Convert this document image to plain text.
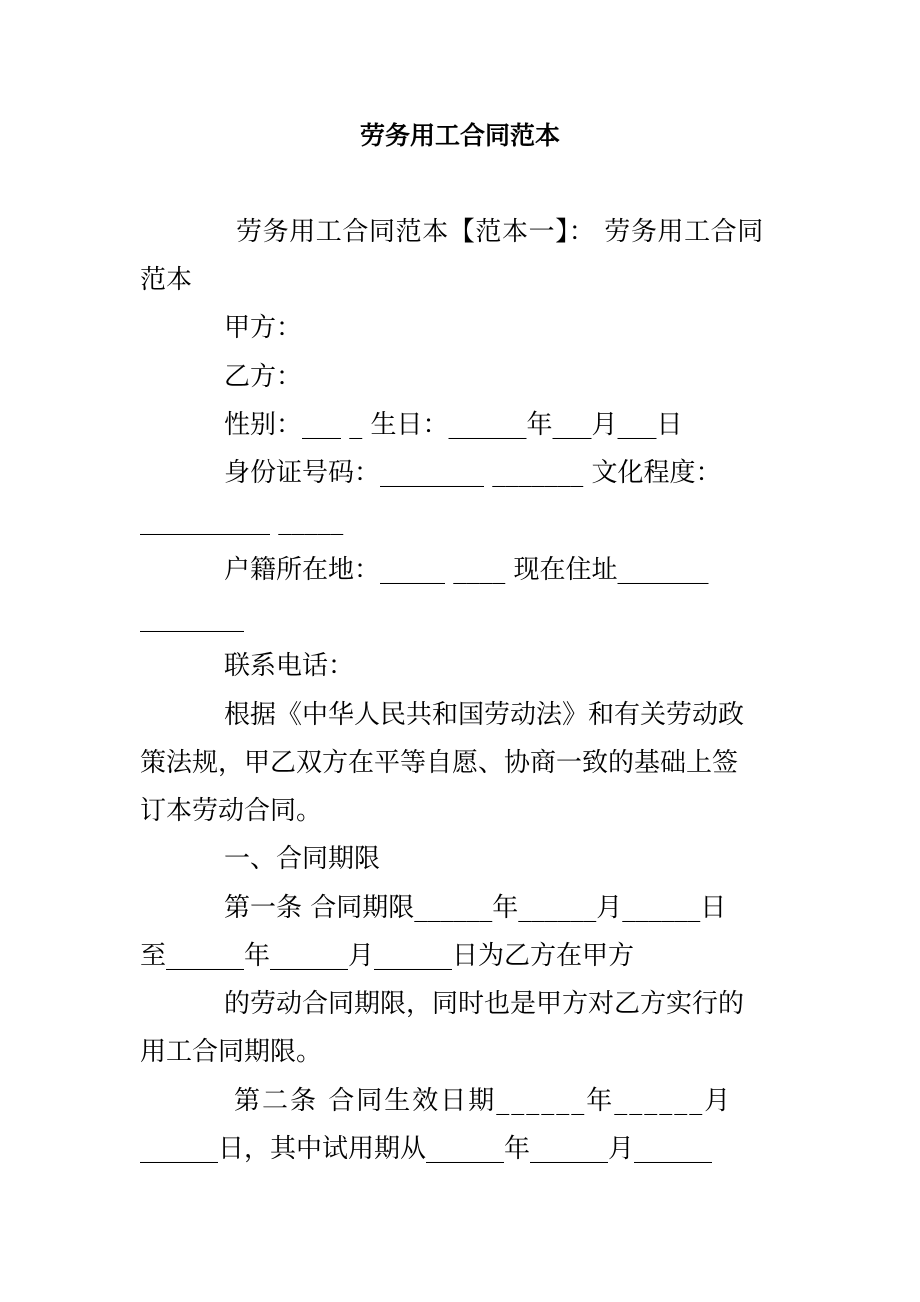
劳务用工合同范本
劳务用工合同范本【范本一】： 劳务用工合同
范本
甲方：
乙方：
性别：___ _ 生日：______年___月___日
身份证号码：________ _______ 文化程度：
__________ _____
户籍所在地：_____ ____ 现在住址_______
________
联系电话：
根据《中华人民共和国劳动法》和有关劳动政
策法规，甲乙双方在平等自愿、协商一致的基础上签
订本劳动合同。
一、合同期限
第一条 合同期限______年______月______日
至______年______月______日为乙方在甲方
的劳动合同期限，同时也是甲方对乙方实行的
用工合同期限。
第二条 合同生效日期______年______月
______日，其中试用期从______年______月______
